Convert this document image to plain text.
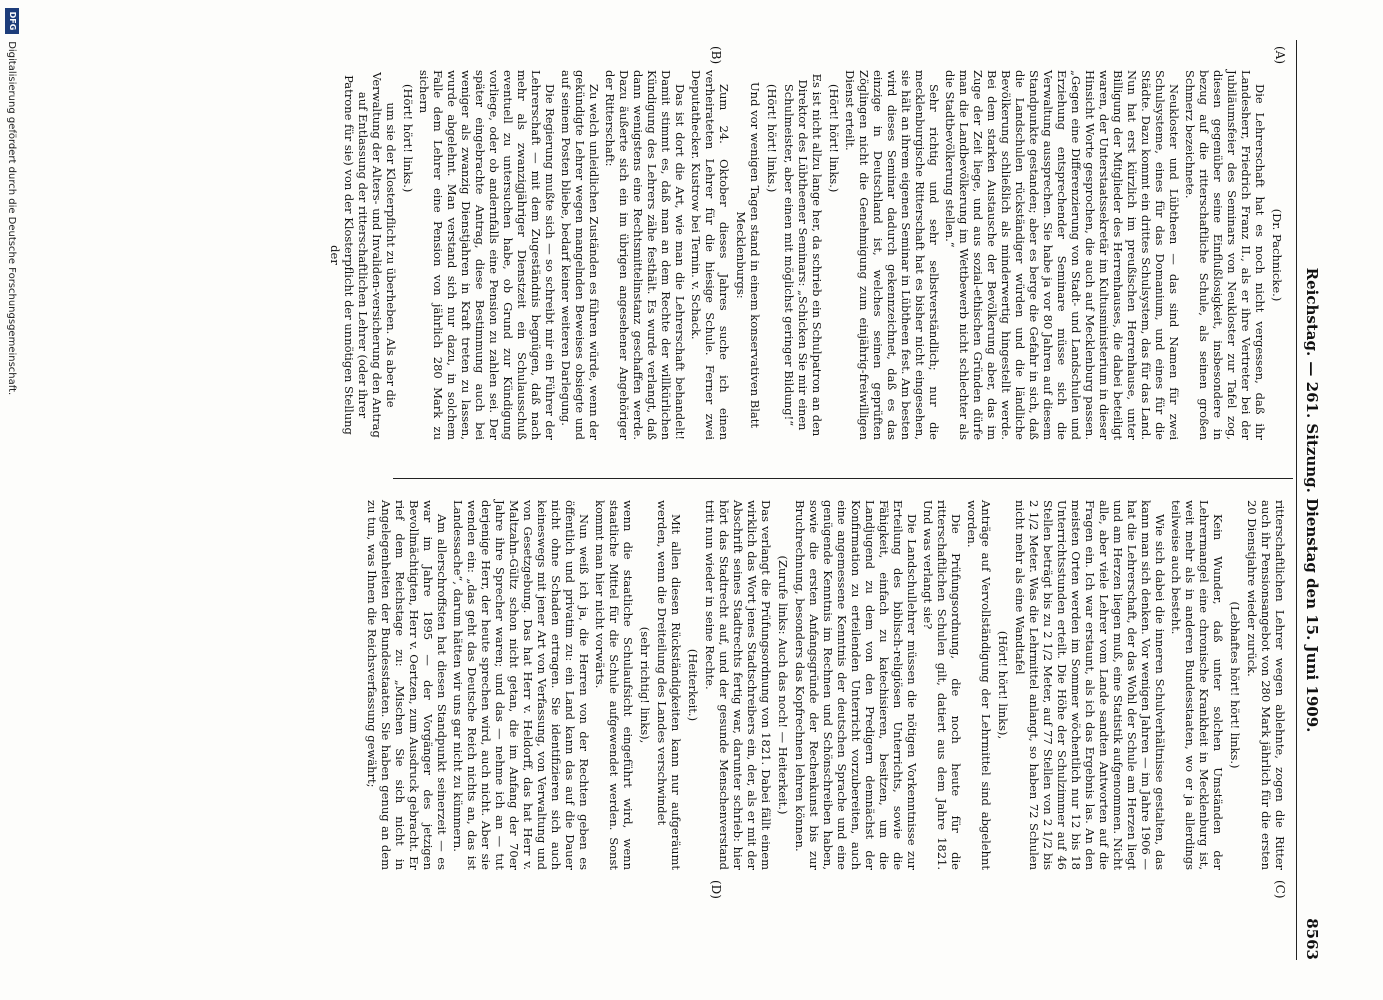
Reichstag. — 261. Sitzung. Dienstag den 15. Juni 1909.
8563
(A)
(B)
(C)
(D)

(Dr. Pachnicke.)

Die Lehrerschaft hat es noch nicht vergessen, daß ihr Landesherr, Friedrich Franz II., als er ihre Vertreter bei der Jubiläumsfeier des Seminars von Neukloster zur Tafel zog, diesen gegenüber seine Einflußlosigkeit, insbesondere in bezug auf die ritterschaftliche Schule, als seinen großen Schmerz bezeichnete.

Neukloster und Lübtheen — das sind Namen für zwei Schulsysteme, eines für das Domanium, und eines für die Städte. Dazu kommt ein drittes Schulsystem, das für das Land. Nun hat erst kürzlich im preußischen Herrenhause, unter Billigung der Mitglieder des Herrenhauses, die dabei beteiligt waren, der Unterstaatssekretär im Kultusministerium in dieser Hinsicht Worte gesprochen, die auch auf Mecklenburg passen. „Gegen eine Differenzierung von Stadt- und Landschulen und Erziehung entsprechender Seminare müsse sich die Verwaltung aussprechen. Sie habe ja vor 80 Jahren auf diesem Standpunkte gestanden; aber es berge die Gefahr in sich, daß die Landschulen rückständiger würden und die ländliche Bevölkerung schließlich als minderwertig hingestellt werde. Bei dem starken Austausche der Bevölkerung aber, das im Zuge der Zeit liege, und aus sozial-ethischen Gründen dürfe man die Landbevölkerung im Wettbewerb nicht schlechter als die Stadtbevölkerung stellen.“

Sehr richtig und sehr selbstverständlich; nur die mecklenburgische Ritterschaft hat es bisher nicht eingesehen, sie hält an ihrem eigenen Seminar in Lübtheen fest. Am besten wird dieses Seminar dadurch gekennzeichnet, daß es das einzige in Deutschland ist, welches seinen geprüften Zöglingen nicht die Genehmigung zum einjährig-freiwilligen Dienst erteilt.

(Hört! hört! links.)

Es ist nicht allzu lange her, da schrieb ein Schulpatron an den Direktor des Lübtheener Seminars: „Schicken Sie mir einen Schulmeister, aber einen mit möglichst geringer Bildung!“

(Hört! hört! links.)

Und vor wenigen Tagen stand in einem konservativen Blatt Mecklenburgs:

Zum 24. Oktober dieses Jahres suche ich einen verheirateten Lehrer für die hiesige Schule. Ferner zwei Deputathecker. Kustrow bei Ternin. v. Schack.

Das ist dort die Art, wie man die Lehrerschaft behandelt! Damit stimmt es, daß man an dem Rechte der willkürlichen Kündigung des Lehrers zähe festhält. Es wurde verlangt, daß dann wenigstens eine Rechtsmittelinstanz geschaffen werde. Dazu äußerte sich ein im übrigen angesehener Angehöriger der Ritterschaft:

Zu welch unleidlichen Zuständen es führen würde, wenn der gekündigte Lehrer wegen mangelnden Beweises obsiegte und auf seinem Posten bliebe, bedarf keiner weiteren Darlegung.

Die Regierung mußte sich — so schreibt mir ein Führer der Lehrerschaft — mit dem Zugeständnis begnügen, daß nach mehr als zwanzigjähriger Dienstzeit ein Schulausschuß eventuell zu untersuchen habe, ob Grund zur Kündigung vorliege, oder ob andernfalls eine Pension zu zahlen sei. Der später eingebrachte Antrag, diese Bestimmung auch bei weniger als zwanzig Dienstjahren in Kraft treten zu lassen, wurde abgelehnt. Man verstand sich nur dazu, in solchem Falle dem Lehrer eine Pension von jährlich 280 Mark zu sichern

(Hört! hört! links.)

um sie der Klosterpflicht zu überheben. Als aber die Verwaltung der Alters- und Invaliden-versicherung den Antrag auf Entlassung der ritterschaftlichen Lehrer (oder ihrer Patrone für sie) von der Klosterpflicht der unnötigen Stellung der

ritterschaftlichen Lehrer wegen ablehnte, zogen die Ritter auch ihr Pensionsangebot von 280 Mark jährlich für die ersten 20 Dienstjahre wieder zurück.

(Lebhaftes hört! hört! links.)

Kein Wunder, daß unter solchen Umständen der Lehrermangel eine chronische Krankheit in Mecklenburg ist, weit mehr als in anderen Bundesstaaten, wo er ja allerdings teilweise auch besteht.

Wie sich dabei die inneren Schulverhältnisse gestalten, das kann man sich denken. Vor wenigen Jahren — im Jahre 1906 — hat die Lehrerschaft, der das Wohl der Schule am Herzen liegt und am Herzen liegen muß, eine Statistik aufgenommen. Nicht alle, aber viele Lehrer vom Lande sandten Antworten auf die Fragen ein. Ich war erstaunt, als ich das Ergebnis las. An den meisten Orten werden im Sommer wöchentlich nur 12 bis 18 Unterrichtsstunden erteilt. Die Höhe der Schulzimmer auf 46 Stellen beträgt bis zu 2 1/2 Meter, auf 77 Stellen von 2 1/2 bis 2 1/2 Meter. Was die Lehrmittel anlangt, so haben 72 Schulen nicht mehr als eine Wandtafel

(Hört! hört! links),

Anträge auf Vervollständigung der Lehrmittel sind abgelehnt worden.

Die Prüfungsordnung, die noch heute für die ritterschaftlichen Schulen gilt, datiert aus dem Jahre 1821. Und was verlangt sie?

Die Landschullehrer müssen die nötigen Vorkenntnisse zur Erteilung des biblisch-religiösen Unterrichts, sowie die Fähigkeit, einfach zu katechisieren, besitzen, um die Landjugend zu dem von den Predigern demnächst der Konfirmation zu erteilenden Unterricht vorzubereiten, auch eine angemessene Kenntnis der deutschen Sprache und eine genügende Kenntnis im Rechnen und Schönschreiben haben, sowie die ersten Anfangsgründe der Rechenkunst bis zur Bruchrechnung, besonders das Kopfrechnen lehren können.

(Zurufe links: Auch das noch! — Heiterkeit.)

Das verlangt die Prüfungsordnung von 1821. Dabei fällt einem wirklich das Wort jenes Stadtschreibers ein, der, als er mit der Abschrift seines Stadtrechts fertig war, darunter schrieb: hier hört das Stadtrecht auf, und der gesunde Menschenverstand tritt nun wieder in seine Rechte.

(Heiterkeit.)

Mit allen diesen Rückständigkeiten kann nur aufgeräumt werden, wenn die Dreiteilung des Landes verschwindet

(sehr richtig! links),

wenn die staatliche Schulaufsicht eingeführt wird, wenn staatliche Mittel für die Schule aufgewendet werden. Sonst kommt man hier nicht vorwärts.

Nun weiß ich ja, die Herren von der Rechten geben es öffentlich und privatim zu: ein Land kann das auf die Dauer nicht ohne Schaden ertragen. Sie identifizieren sich auch keineswegs mit jener Art von Verfassung, von Verwaltung und von Gesetzgebung. Das hat Herr v. Heldorff, das hat Herr v. Maltzahn-Gültz schon nicht getan, die im Anfang der 70er Jahre ihre Sprecher waren; und das — nehme ich an — tut derjenige Herr, der heute sprechen wird, auch nicht. Aber sie wenden ein: „das geht das Deutsche Reich nichts an, das ist Landessache“, darum hätten wir uns gar nicht zu kümmern.

Am allerschroffsten hat diesen Standpunkt seinerzeit — es war im Jahre 1895 — der Vorgänger des jetzigen Bevollmächtigten, Herr v. Oertzen, zum Ausdruck gebracht. Er rief dem Reichstage zu: „Mischen Sie sich nicht in Angelegenheiten der Bundesstaaten. Sie haben genug an dem zu tun, was Ihnen die Reichsverfassung gewährt;

DFG Digitalisierung gefördert durch die Deutsche Forschungsgemeinschaft.
